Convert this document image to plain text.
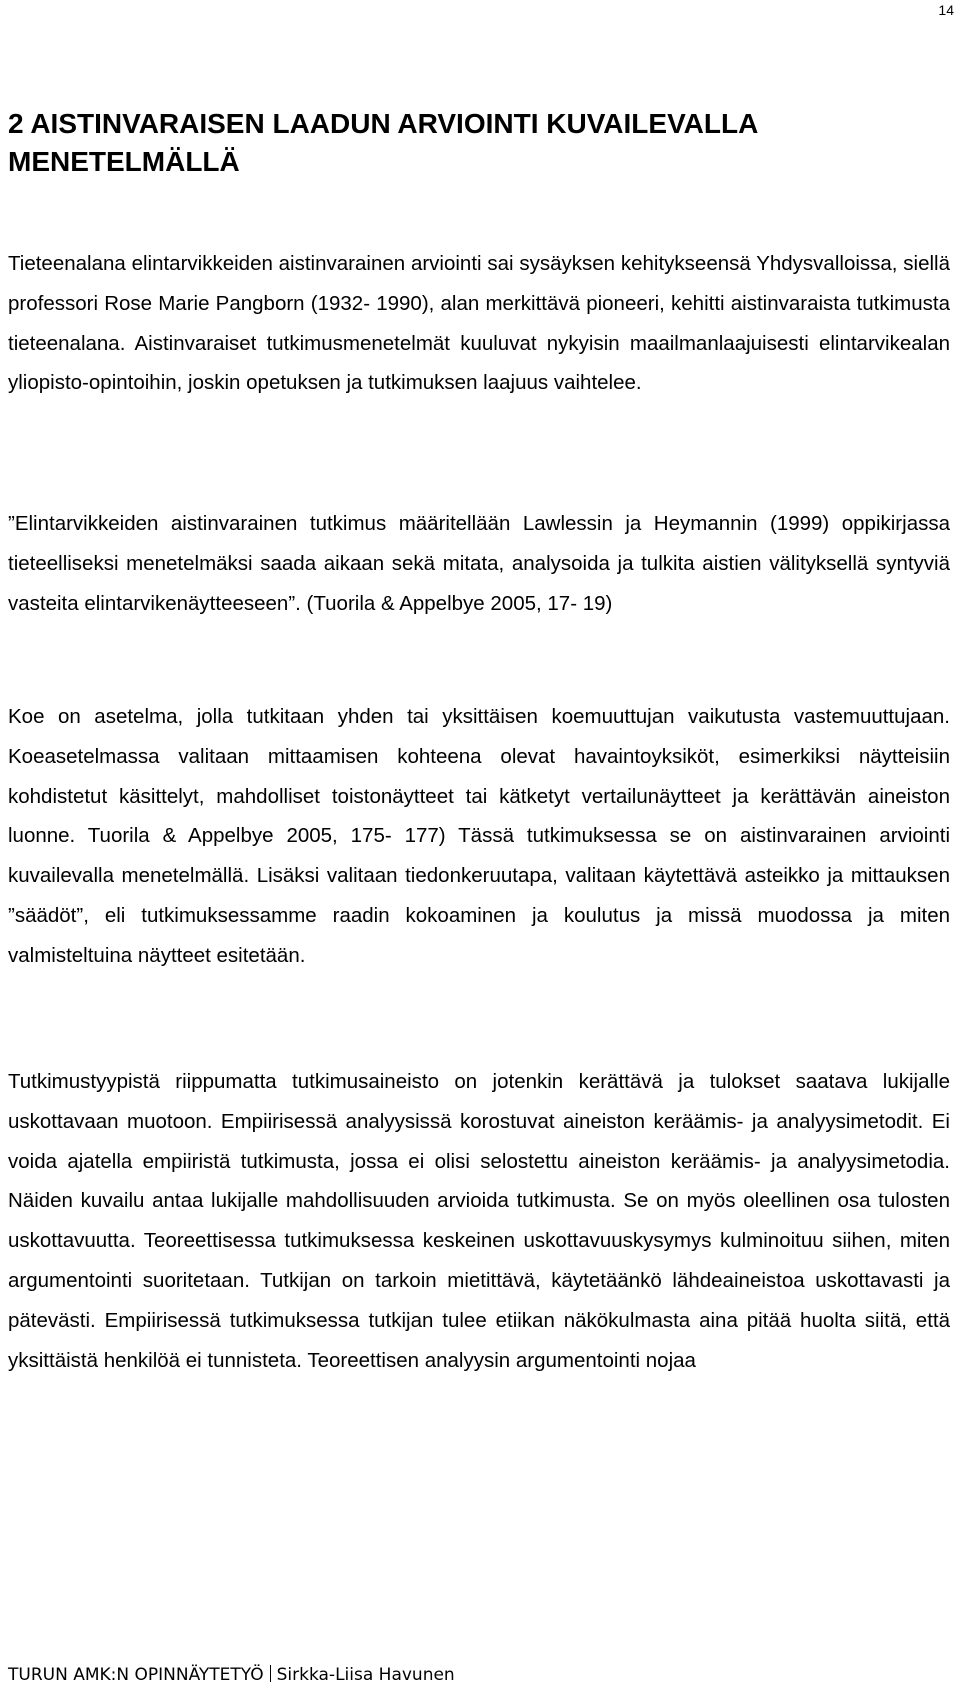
14
2 AISTINVARAISEN LAADUN ARVIOINTI KUVAILEVALLA MENETELMÄLLÄ

Tieteenalana elintarvikkeiden aistinvarainen arviointi sai sysäyksen kehitykseensä Yhdysvalloissa, siellä professori Rose Marie Pangborn (1932- 1990), alan merkittävä pioneeri, kehitti aistinvaraista tutkimusta tieteenalana. Aistinvaraiset tutkimusmenetelmät kuuluvat nykyisin maailmanlaajuisesti elintarvikealan yliopisto-opintoihin, joskin opetuksen ja tutkimuksen laajuus vaihtelee.

”Elintarvikkeiden aistinvarainen tutkimus määritellään Lawlessin ja Heymannin (1999) oppikirjassa tieteelliseksi menetelmäksi saada aikaan sekä mitata, analysoida ja tulkita aistien välityksellä syntyviä vasteita elintarvikenäytteeseen”. (Tuorila & Appelbye 2005, 17- 19)

Koe on asetelma, jolla tutkitaan yhden tai yksittäisen koemuuttujan vaikutusta vastemuuttujaan. Koeasetelmassa valitaan mittaamisen kohteena olevat havaintoyksiköt, esimerkiksi näytteisiin kohdistetut käsittelyt, mahdolliset toistonäytteet tai kätketyt vertailunäytteet ja kerättävän aineiston luonne. Tuorila & Appelbye 2005, 175- 177) Tässä tutkimuksessa se on aistinvarainen arviointi kuvailevalla menetelmällä. Lisäksi valitaan tiedonkeruutapa, valitaan käytettävä asteikko ja mittauksen ”säädöt”, eli tutkimuksessamme raadin kokoaminen ja koulutus ja missä muodossa ja miten valmisteltuina näytteet esitetään.

Tutkimustyypistä riippumatta tutkimusaineisto on jotenkin kerättävä ja tulokset saatava lukijalle uskottavaan muotoon. Empiirisessä analyysissä korostuvat aineiston keräämis- ja analyysimetodit. Ei voida ajatella empiiristä tutkimusta, jossa ei olisi selostettu aineiston keräämis- ja analyysimetodia. Näiden kuvailu antaa lukijalle mahdollisuuden arvioida tutkimusta. Se on myös oleellinen osa tulosten uskottavuutta. Teoreettisessa tutkimuksessa keskeinen uskottavuuskysymys kulminoituu siihen, miten argumentointi suoritetaan. Tutkijan on tarkoin mietittävä, käytetäänkö lähdeaineistoa uskottavasti ja pätevästi. Empiirisessä tutkimuksessa tutkijan tulee etiikan näkökulmasta aina pitää huolta siitä, että yksittäistä henkilöä ei tunnisteta. Teoreettisen analyysin argumentointi nojaa

TURUN AMK:N OPINNÄYTETYÖ Sirkka-Liisa Havunen
